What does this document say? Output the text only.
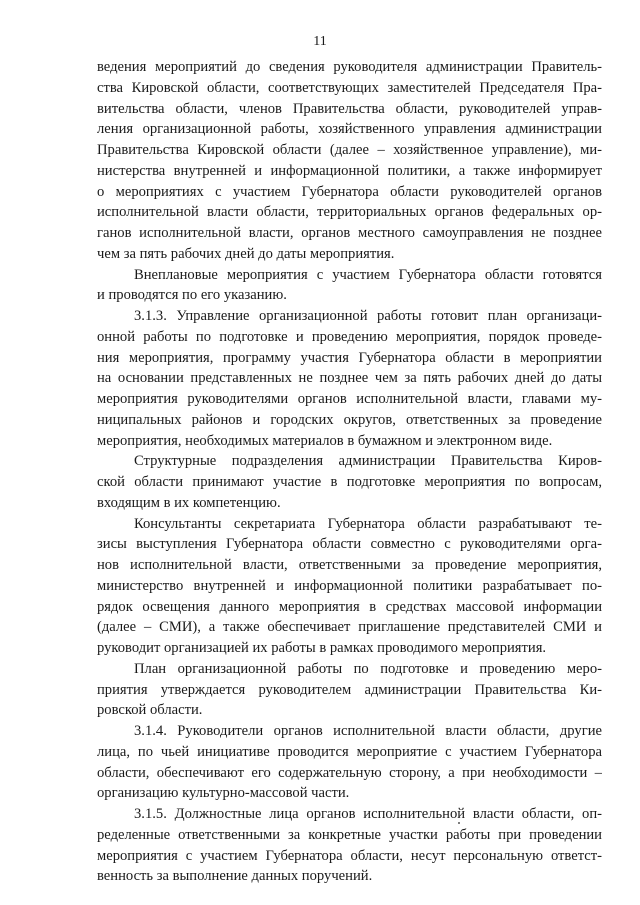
11
ведения мероприятий до сведения руководителя администрации Правитель-
ства Кировской области, соответствующих заместителей Председателя Пра-
вительства области, членов Правительства области, руководителей управ-
ления организационной работы, хозяйственного управления администрации
Правительства Кировской области (далее – хозяйственное управление), ми-
нистерства внутренней и информационной политики, а также информирует
о мероприятиях с участием Губернатора области руководителей органов
исполнительной власти области, территориальных органов федеральных ор-
ганов исполнительной власти, органов местного самоуправления не позднее
чем за пять рабочих дней до даты мероприятия.
Внеплановые мероприятия с участием Губернатора области готовятся
и проводятся по его указанию.
3.1.3. Управление организационной работы готовит план организаци-
онной работы по подготовке и проведению мероприятия, порядок проведе-
ния мероприятия, программу участия Губернатора области в мероприятии
на основании представленных не позднее чем за пять рабочих дней до даты
мероприятия руководителями органов исполнительной власти, главами му-
ниципальных районов и городских округов, ответственных за проведение
мероприятия, необходимых материалов в бумажном и электронном виде.
Структурные подразделения администрации Правительства Киров-
ской области принимают участие в подготовке мероприятия по вопросам,
входящим в их компетенцию.
Консультанты секретариата Губернатора области разрабатывают те-
зисы выступления Губернатора области совместно с руководителями орга-
нов исполнительной власти, ответственными за проведение мероприятия,
министерство внутренней и информационной политики разрабатывает по-
рядок освещения данного мероприятия в средствах массовой информации
(далее – СМИ), а также обеспечивает приглашение представителей СМИ и
руководит организацией их работы в рамках проводимого мероприятия.
План организационной работы по подготовке и проведению меро-
приятия утверждается руководителем администрации Правительства Ки-
ровской области.
3.1.4. Руководители органов исполнительной власти области, другие
лица, по чьей инициативе проводится мероприятие с участием Губернатора
области, обеспечивают его содержательную сторону, а при необходимости –
организацию культурно-массовой части.
3.1.5. Должностные лица органов исполнительной власти области, оп-
ределенные ответственными за конкретные участки работы при проведении
мероприятия с участием Губернатора области, несут персональную ответст-
венность за выполнение данных поручений.
